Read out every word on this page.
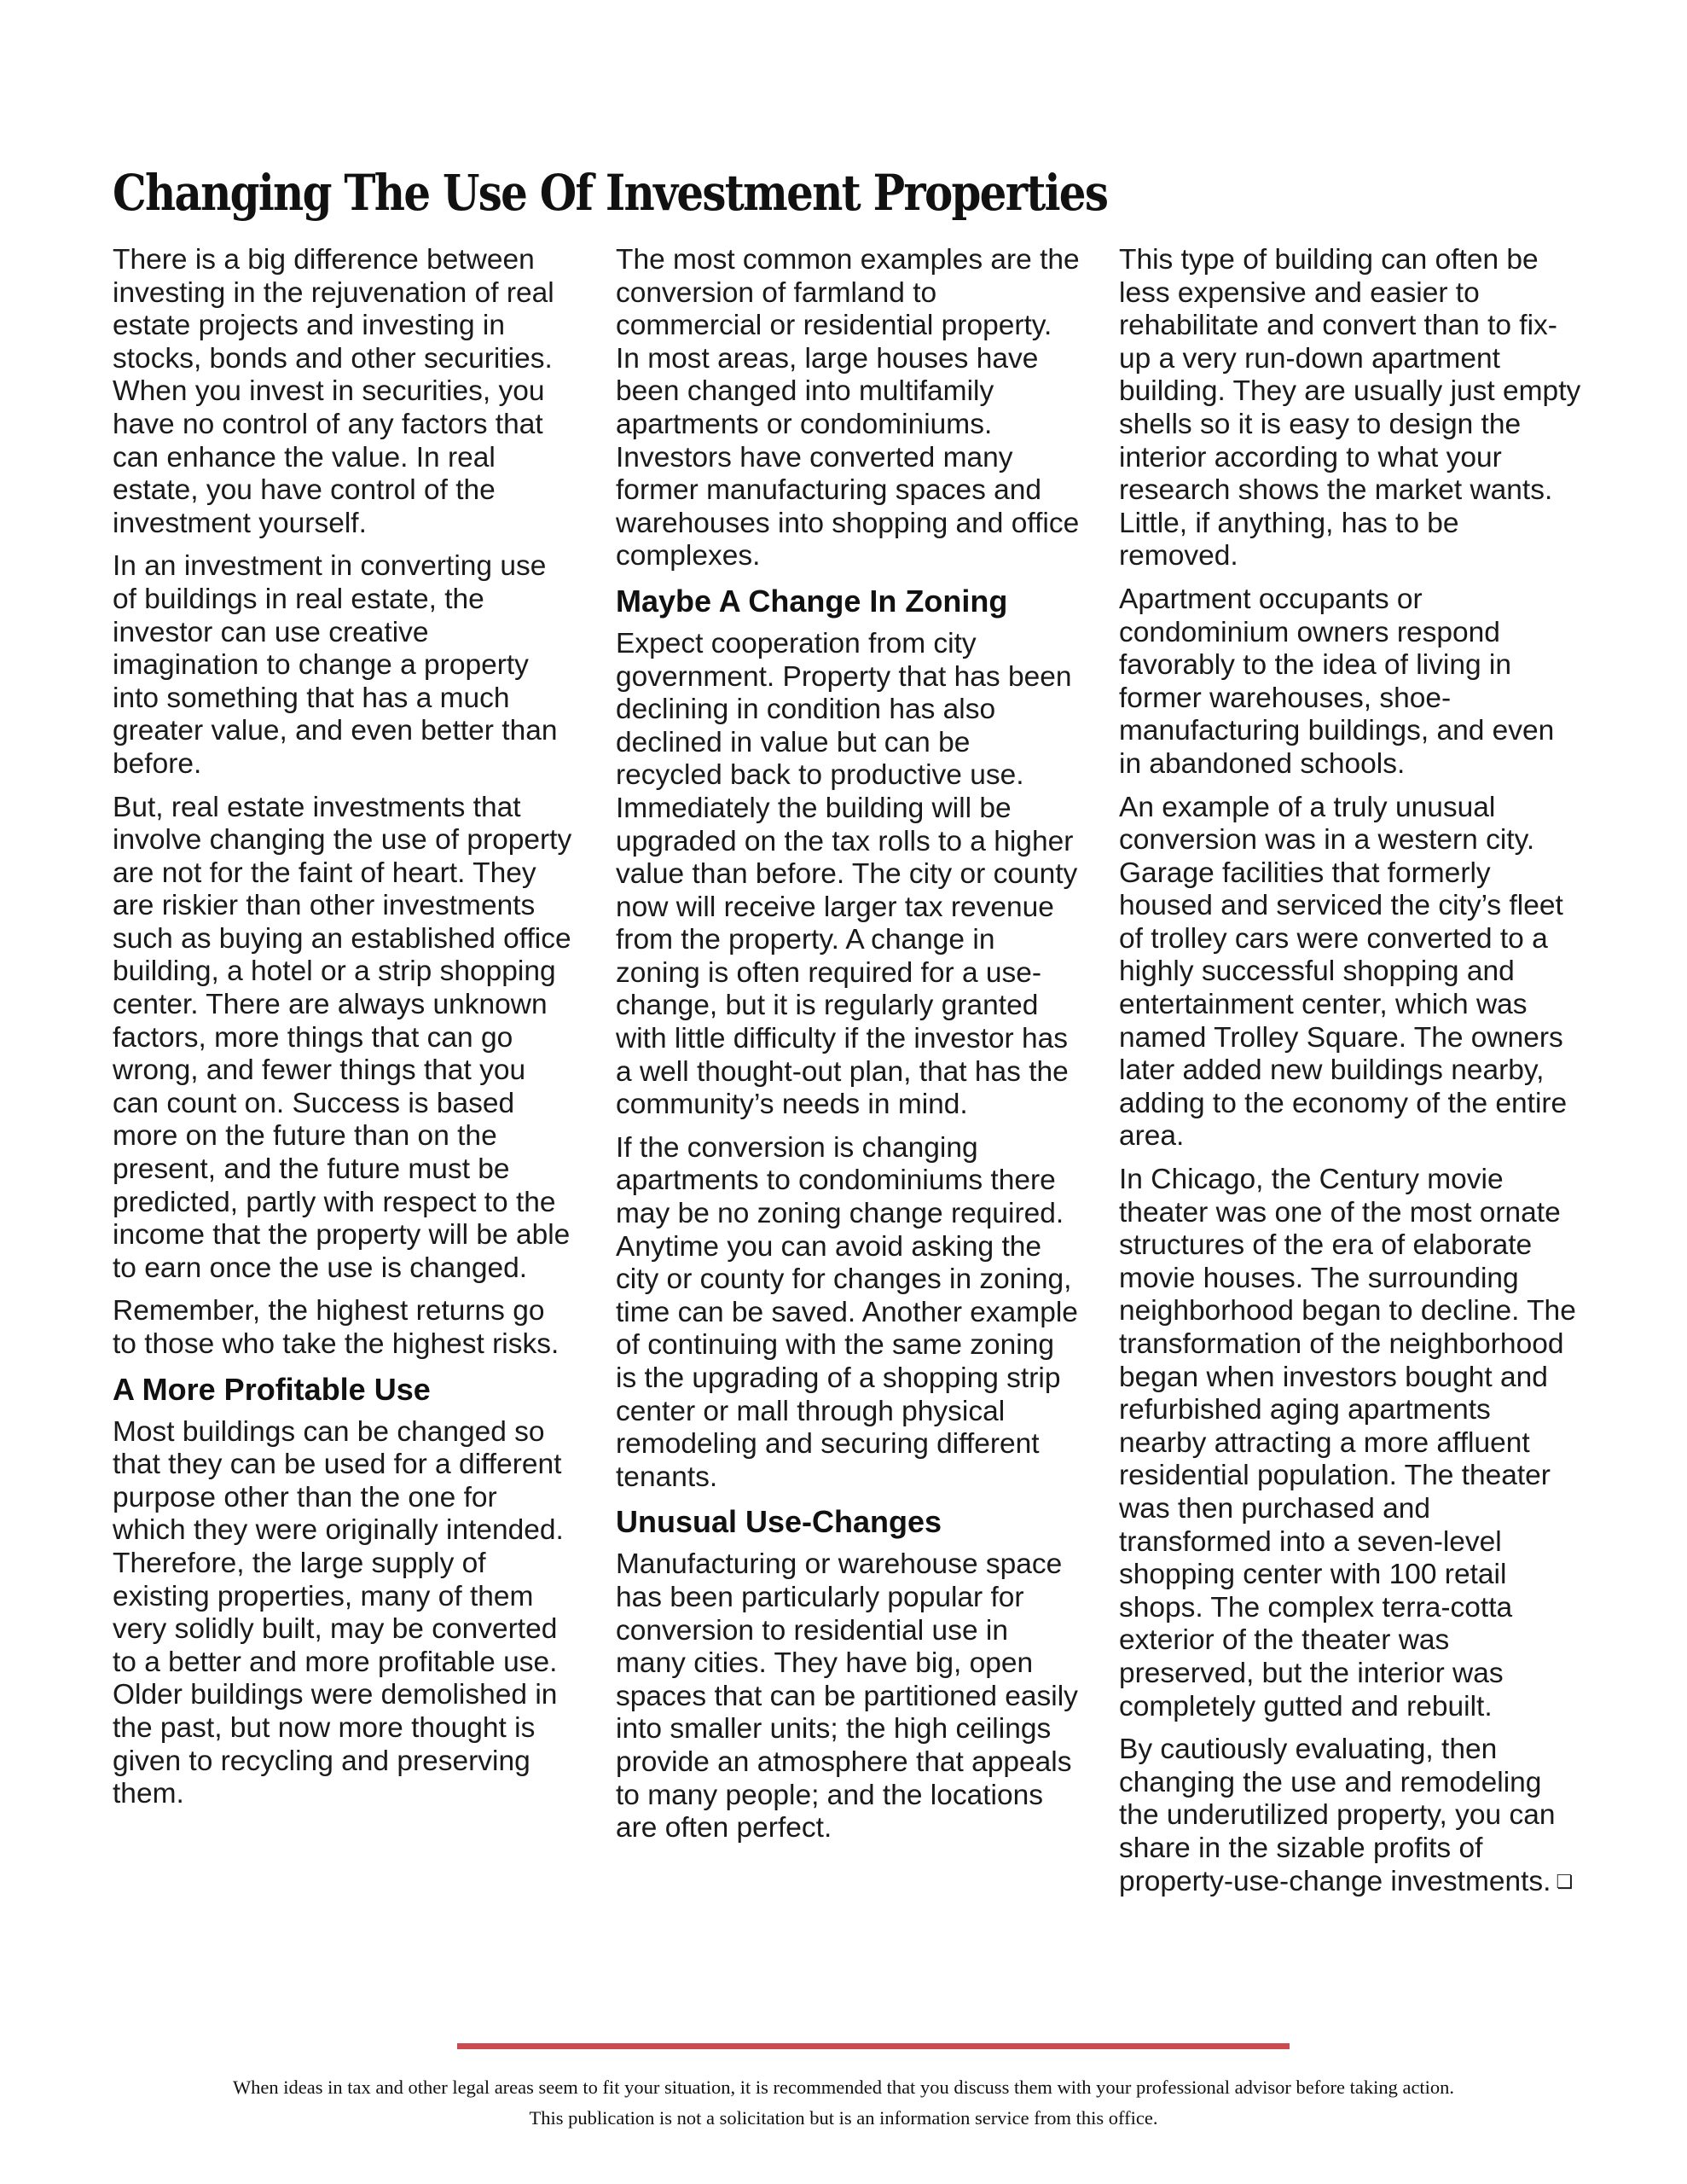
Changing The Use Of Investment Properties

There is a big difference between investing in the rejuvenation of real estate projects and investing in stocks, bonds and other securities. When you invest in securities, you have no control of any factors that can enhance the value. In real estate, you have control of the investment yourself.

In an investment in converting use of buildings in real estate, the investor can use creative imagination to change a property into something that has a much greater value, and even better than before.

But, real estate investments that involve changing the use of property are not for the faint of heart. They are riskier than other investments such as buying an established office building, a hotel or a strip shopping center. There are always unknown factors, more things that can go wrong, and fewer things that you can count on. Success is based more on the future than on the present, and the future must be predicted, partly with respect to the income that the property will be able to earn once the use is changed.

Remember, the highest returns go to those who take the highest risks.

A More Profitable Use

Most buildings can be changed so that they can be used for a different purpose other than the one for which they were originally intended. Therefore, the large supply of existing properties, many of them very solidly built, may be converted to a better and more profitable use. Older buildings were demolished in the past, but now more thought is given to recycling and preserving them.

The most common examples are the conversion of farmland to commercial or residential property. In most areas, large houses have been changed into multifamily apartments or condominiums. Investors have converted many former manufacturing spaces and warehouses into shopping and office complexes.

Maybe A Change In Zoning

Expect cooperation from city government. Property that has been declining in condition has also declined in value but can be recycled back to productive use. Immediately the building will be upgraded on the tax rolls to a higher value than before. The city or county now will receive larger tax revenue from the property. A change in zoning is often required for a use-change, but it is regularly granted with little difficulty if the investor has a well thought-out plan, that has the community’s needs in mind.

If the conversion is changing apartments to condominiums there may be no zoning change required. Anytime you can avoid asking the city or county for changes in zoning, time can be saved. Another example of continuing with the same zoning is the upgrading of a shopping strip center or mall through physical remodeling and securing different tenants.

Unusual Use-Changes

Manufacturing or warehouse space has been particularly popular for conversion to residential use in many cities. They have big, open spaces that can be partitioned easily into smaller units; the high ceilings provide an atmosphere that appeals to many people; and the locations are often perfect.

This type of building can often be less expensive and easier to rehabilitate and convert than to fix-up a very run-down apartment building. They are usually just empty shells so it is easy to design the interior according to what your research shows the market wants. Little, if anything, has to be removed.

Apartment occupants or condominium owners respond favorably to the idea of living in former warehouses, shoe-manufacturing buildings, and even in abandoned schools.

An example of a truly unusual conversion was in a western city. Garage facilities that formerly housed and serviced the city’s fleet of trolley cars were converted to a highly successful shopping and entertainment center, which was named Trolley Square. The owners later added new buildings nearby, adding to the economy of the entire area.

In Chicago, the Century movie theater was one of the most ornate structures of the era of elaborate movie houses. The surrounding neighborhood began to decline. The transformation of the neighborhood began when investors bought and refurbished aging apartments nearby attracting a more affluent residential population. The theater was then purchased and transformed into a seven-level shopping center with 100 retail shops. The complex terra-cotta exterior of the theater was preserved, but the interior was completely gutted and rebuilt.

By cautiously evaluating, then changing the use and remodeling the underutilized property, you can share in the sizable profits of property-use-change investments. ❏

When ideas in tax and other legal areas seem to fit your situation, it is recommended that you discuss them with your professional advisor before taking action.

This publication is not a solicitation but is an information service from this office.
